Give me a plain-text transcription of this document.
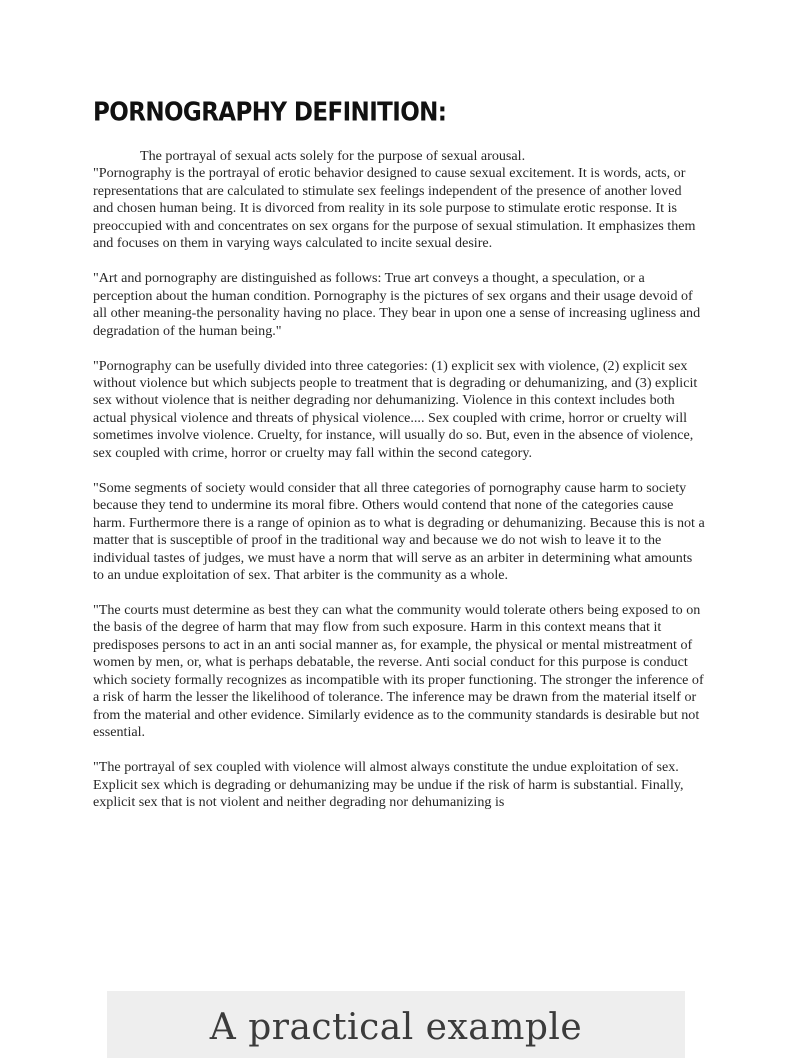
PORNOGRAPHY DEFINITION:

The portrayal of sexual acts solely for the purpose of sexual arousal.
"Pornography is the portrayal of erotic behavior designed to cause sexual excitement. It is words, acts, or representations that are calculated to stimulate sex feelings independent of the presence of another loved and chosen human being. It is divorced from reality in its sole purpose to stimulate erotic response. It is preoccupied with and concentrates on sex organs for the purpose of sexual stimulation. It emphasizes them and focuses on them in varying ways calculated to incite sexual desire.

"Art and pornography are distinguished as follows: True art conveys a thought, a speculation, or a perception about the human condition. Pornography is the pictures of sex organs and their usage devoid of all other meaning-the personality having no place. They bear in upon one a sense of increasing ugliness and degradation of the human being."

"Pornography can be usefully divided into three categories: (1) explicit sex with violence, (2) explicit sex without violence but which subjects people to treatment that is degrading or dehumanizing, and (3) explicit sex without violence that is neither degrading nor dehumanizing. Violence in this context includes both actual physical violence and threats of physical violence.... Sex coupled with crime, horror or cruelty will sometimes involve violence. Cruelty, for instance, will usually do so. But, even in the absence of violence, sex coupled with crime, horror or cruelty may fall within the second category.

"Some segments of society would consider that all three categories of pornography cause harm to society because they tend to undermine its moral fibre. Others would contend that none of the categories cause harm. Furthermore there is a range of opinion as to what is degrading or dehumanizing. Because this is not a matter that is susceptible of proof in the traditional way and because we do not wish to leave it to the individual tastes of judges, we must have a norm that will serve as an arbiter in determining what amounts to an undue exploitation of sex. That arbiter is the community as a whole.

"The courts must determine as best they can what the community would tolerate others being exposed to on the basis of the degree of harm that may flow from such exposure. Harm in this context means that it predisposes persons to act in an anti social manner as, for example, the physical or mental mistreatment of women by men, or, what is perhaps debatable, the reverse. Anti social conduct for this purpose is conduct which society formally recognizes as incompatible with its proper functioning. The stronger the inference of a risk of harm the lesser the likelihood of tolerance. The inference may be drawn from the material itself or from the material and other evidence. Similarly evidence as to the community standards is desirable but not essential.

"The portrayal of sex coupled with violence will almost always constitute the undue exploitation of sex. Explicit sex which is degrading or dehumanizing may be undue if the risk of harm is substantial. Finally, explicit sex that is not violent and neither degrading nor dehumanizing is

A practical example
